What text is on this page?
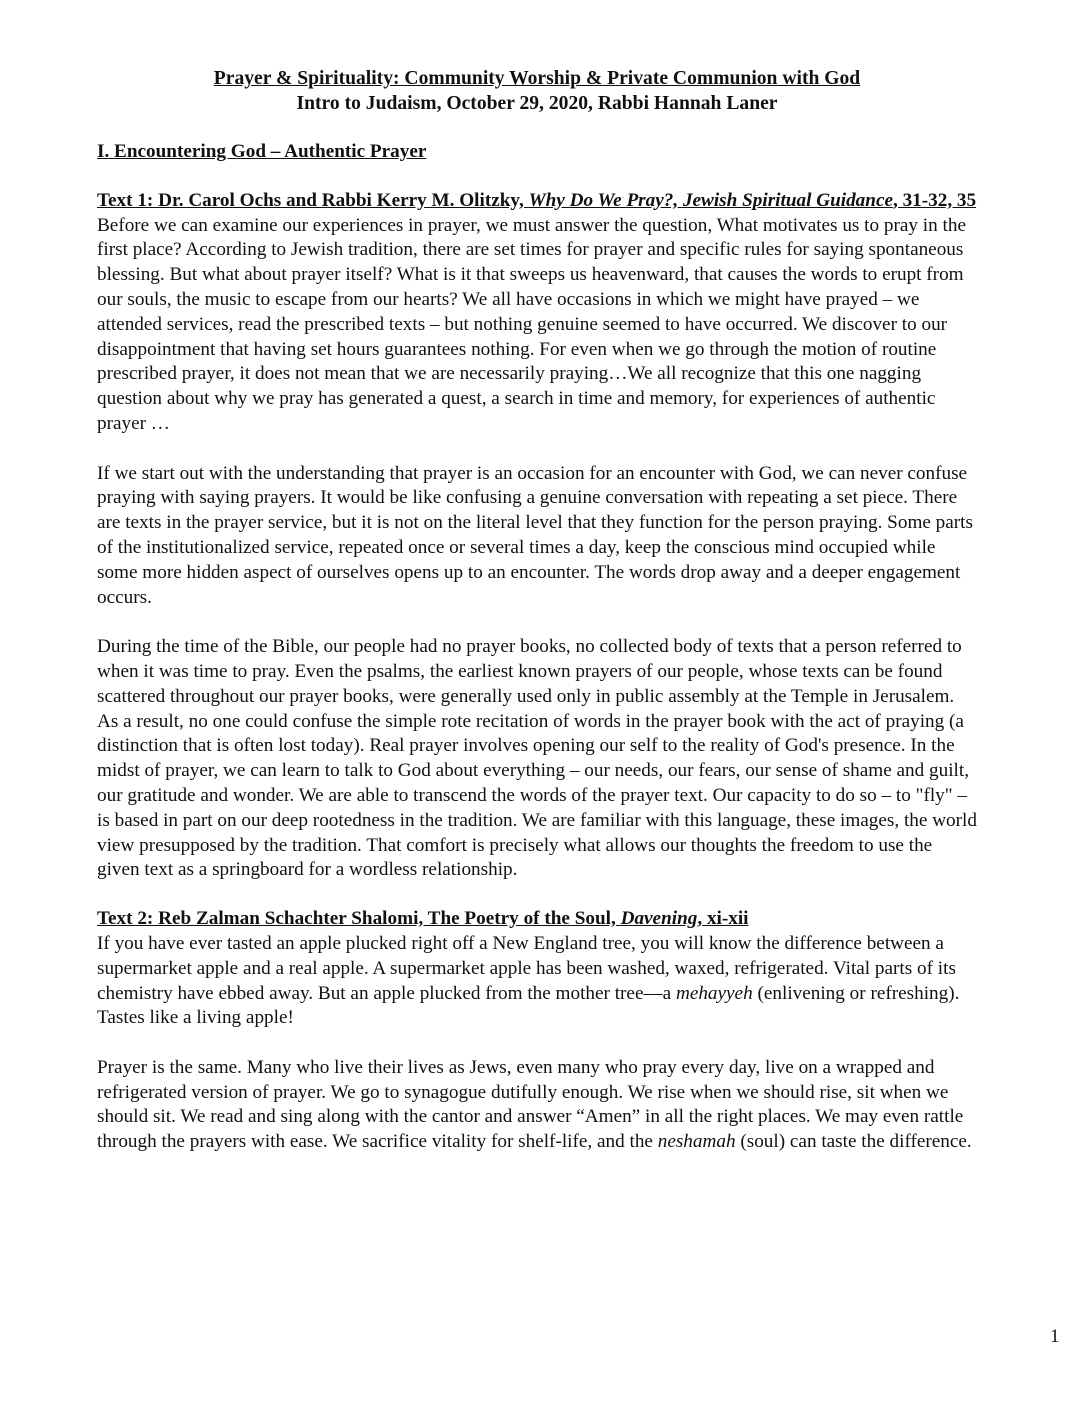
Prayer & Spirituality: Community Worship & Private Communion with God
Intro to Judaism, October 29, 2020, Rabbi Hannah Laner
I. Encountering God – Authentic Prayer
Text 1: Dr. Carol Ochs and Rabbi Kerry M. Olitzky, Why Do We Pray?, Jewish Spiritual Guidance, 31-32, 35

Before we can examine our experiences in prayer, we must answer the question, What motivates us to pray in the first place? According to Jewish tradition, there are set times for prayer and specific rules for saying spontaneous blessing. But what about prayer itself? What is it that sweeps us heavenward, that causes the words to erupt from our souls, the music to escape from our hearts? We all have occasions in which we might have prayed – we attended services, read the prescribed texts – but nothing genuine seemed to have occurred. We discover to our disappointment that having set hours guarantees nothing. For even when we go through the motion of routine prescribed prayer, it does not mean that we are necessarily praying…We all recognize that this one nagging question about why we pray has generated a quest, a search in time and memory, for experiences of authentic prayer …

If we start out with the understanding that prayer is an occasion for an encounter with God, we can never confuse praying with saying prayers. It would be like confusing a genuine conversation with repeating a set piece. There are texts in the prayer service, but it is not on the literal level that they function for the person praying. Some parts of the institutionalized service, repeated once or several times a day, keep the conscious mind occupied while some more hidden aspect of ourselves opens up to an encounter. The words drop away and a deeper engagement occurs.

During the time of the Bible, our people had no prayer books, no collected body of texts that a person referred to when it was time to pray. Even the psalms, the earliest known prayers of our people, whose texts can be found scattered throughout our prayer books, were generally used only in public assembly at the Temple in Jerusalem. As a result, no one could confuse the simple rote recitation of words in the prayer book with the act of praying (a distinction that is often lost today). Real prayer involves opening our self to the reality of God's presence. In the midst of prayer, we can learn to talk to God about everything – our needs, our fears, our sense of shame and guilt, our gratitude and wonder. We are able to transcend the words of the prayer text. Our capacity to do so – to "fly" – is based in part on our deep rootedness in the tradition. We are familiar with this language, these images, the world view presupposed by the tradition. That comfort is precisely what allows our thoughts the freedom to use the given text as a springboard for a wordless relationship.

Text 2: Reb Zalman Schachter Shalomi, The Poetry of the Soul, Davening, xi-xii

If you have ever tasted an apple plucked right off a New England tree, you will know the difference between a supermarket apple and a real apple. A supermarket apple has been washed, waxed, refrigerated. Vital parts of its chemistry have ebbed away. But an apple plucked from the mother tree—a mehayyeh (enlivening or refreshing). Tastes like a living apple!

Prayer is the same. Many who live their lives as Jews, even many who pray every day, live on a wrapped and refrigerated version of prayer. We go to synagogue dutifully enough. We rise when we should rise, sit when we should sit. We read and sing along with the cantor and answer “Amen” in all the right places. We may even rattle through the prayers with ease. We sacrifice vitality for shelf-life, and the neshamah (soul) can taste the difference.

1
